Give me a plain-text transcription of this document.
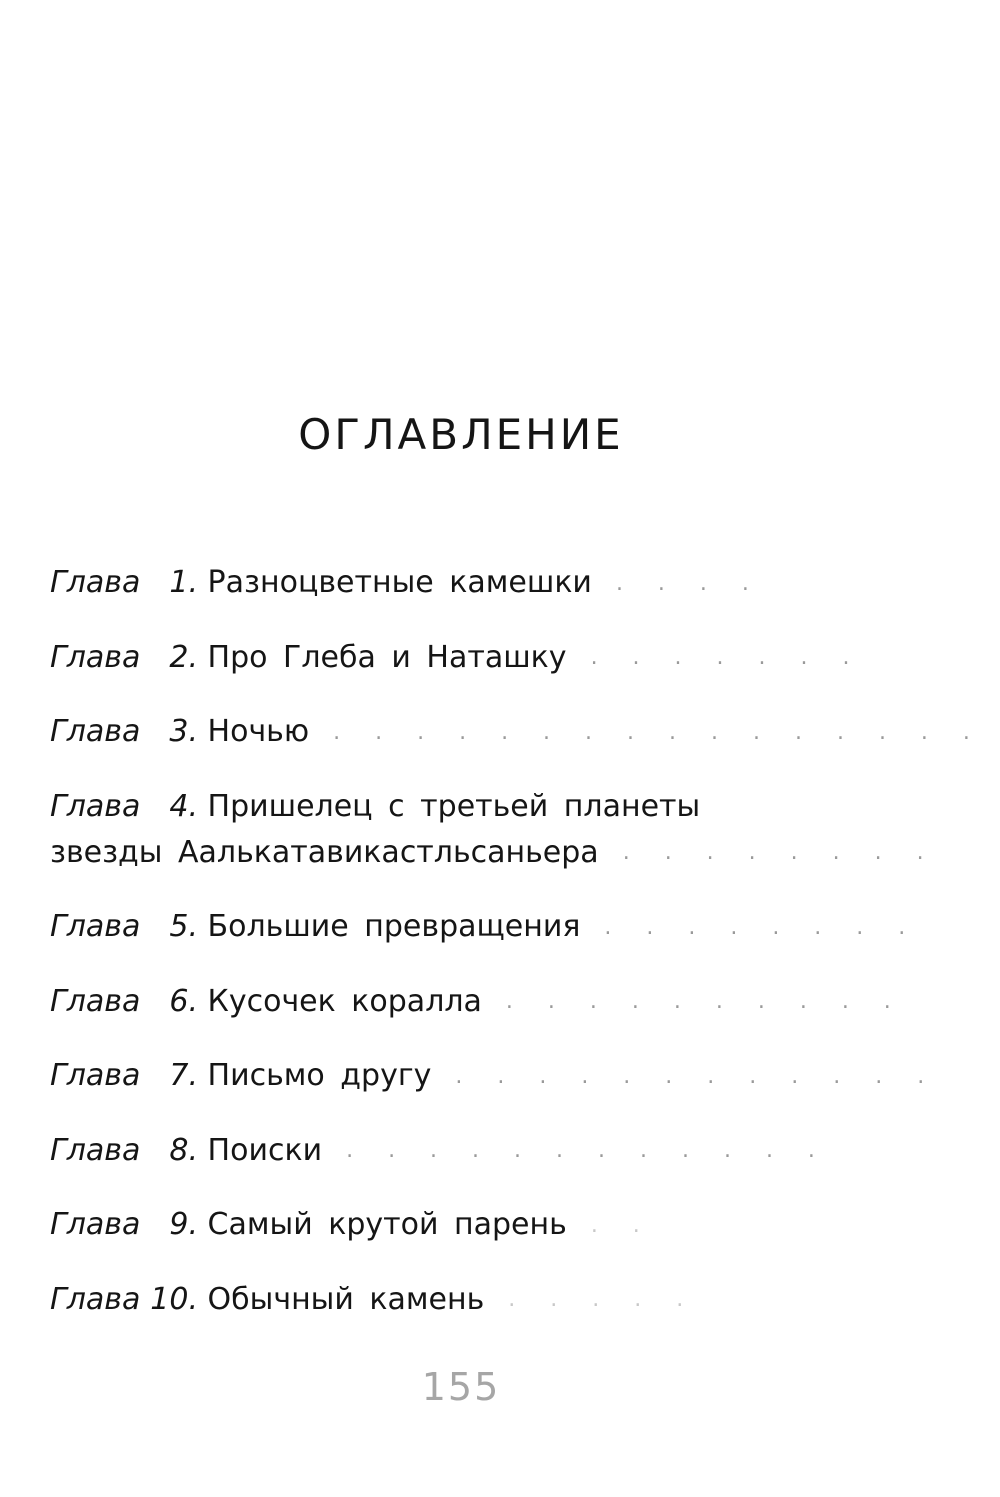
ОГЛАВЛЕНИЕ
Глава 1. Разноцветные камешки . . . .
Глава 2. Про Глеба и Наташку . . . . . . .
Глава 3. Ночью . . . . . . . . . . . . . . . .
Глава 4. Пришелец с третьей планеты
звезды Аалькатавикастльсаньера . . . . . . . .
Глава 5. Большие превращения . . . . . . . .
Глава 6. Кусочек коралла . . . . . . . . . .
Глава 7. Письмо другу . . . . . . . . . . . .
Глава 8. Поиски . . . . . . . . . . . .
Глава 9. Самый крутой парень . .
Глава 10. Обычный камень . . . . .
155
